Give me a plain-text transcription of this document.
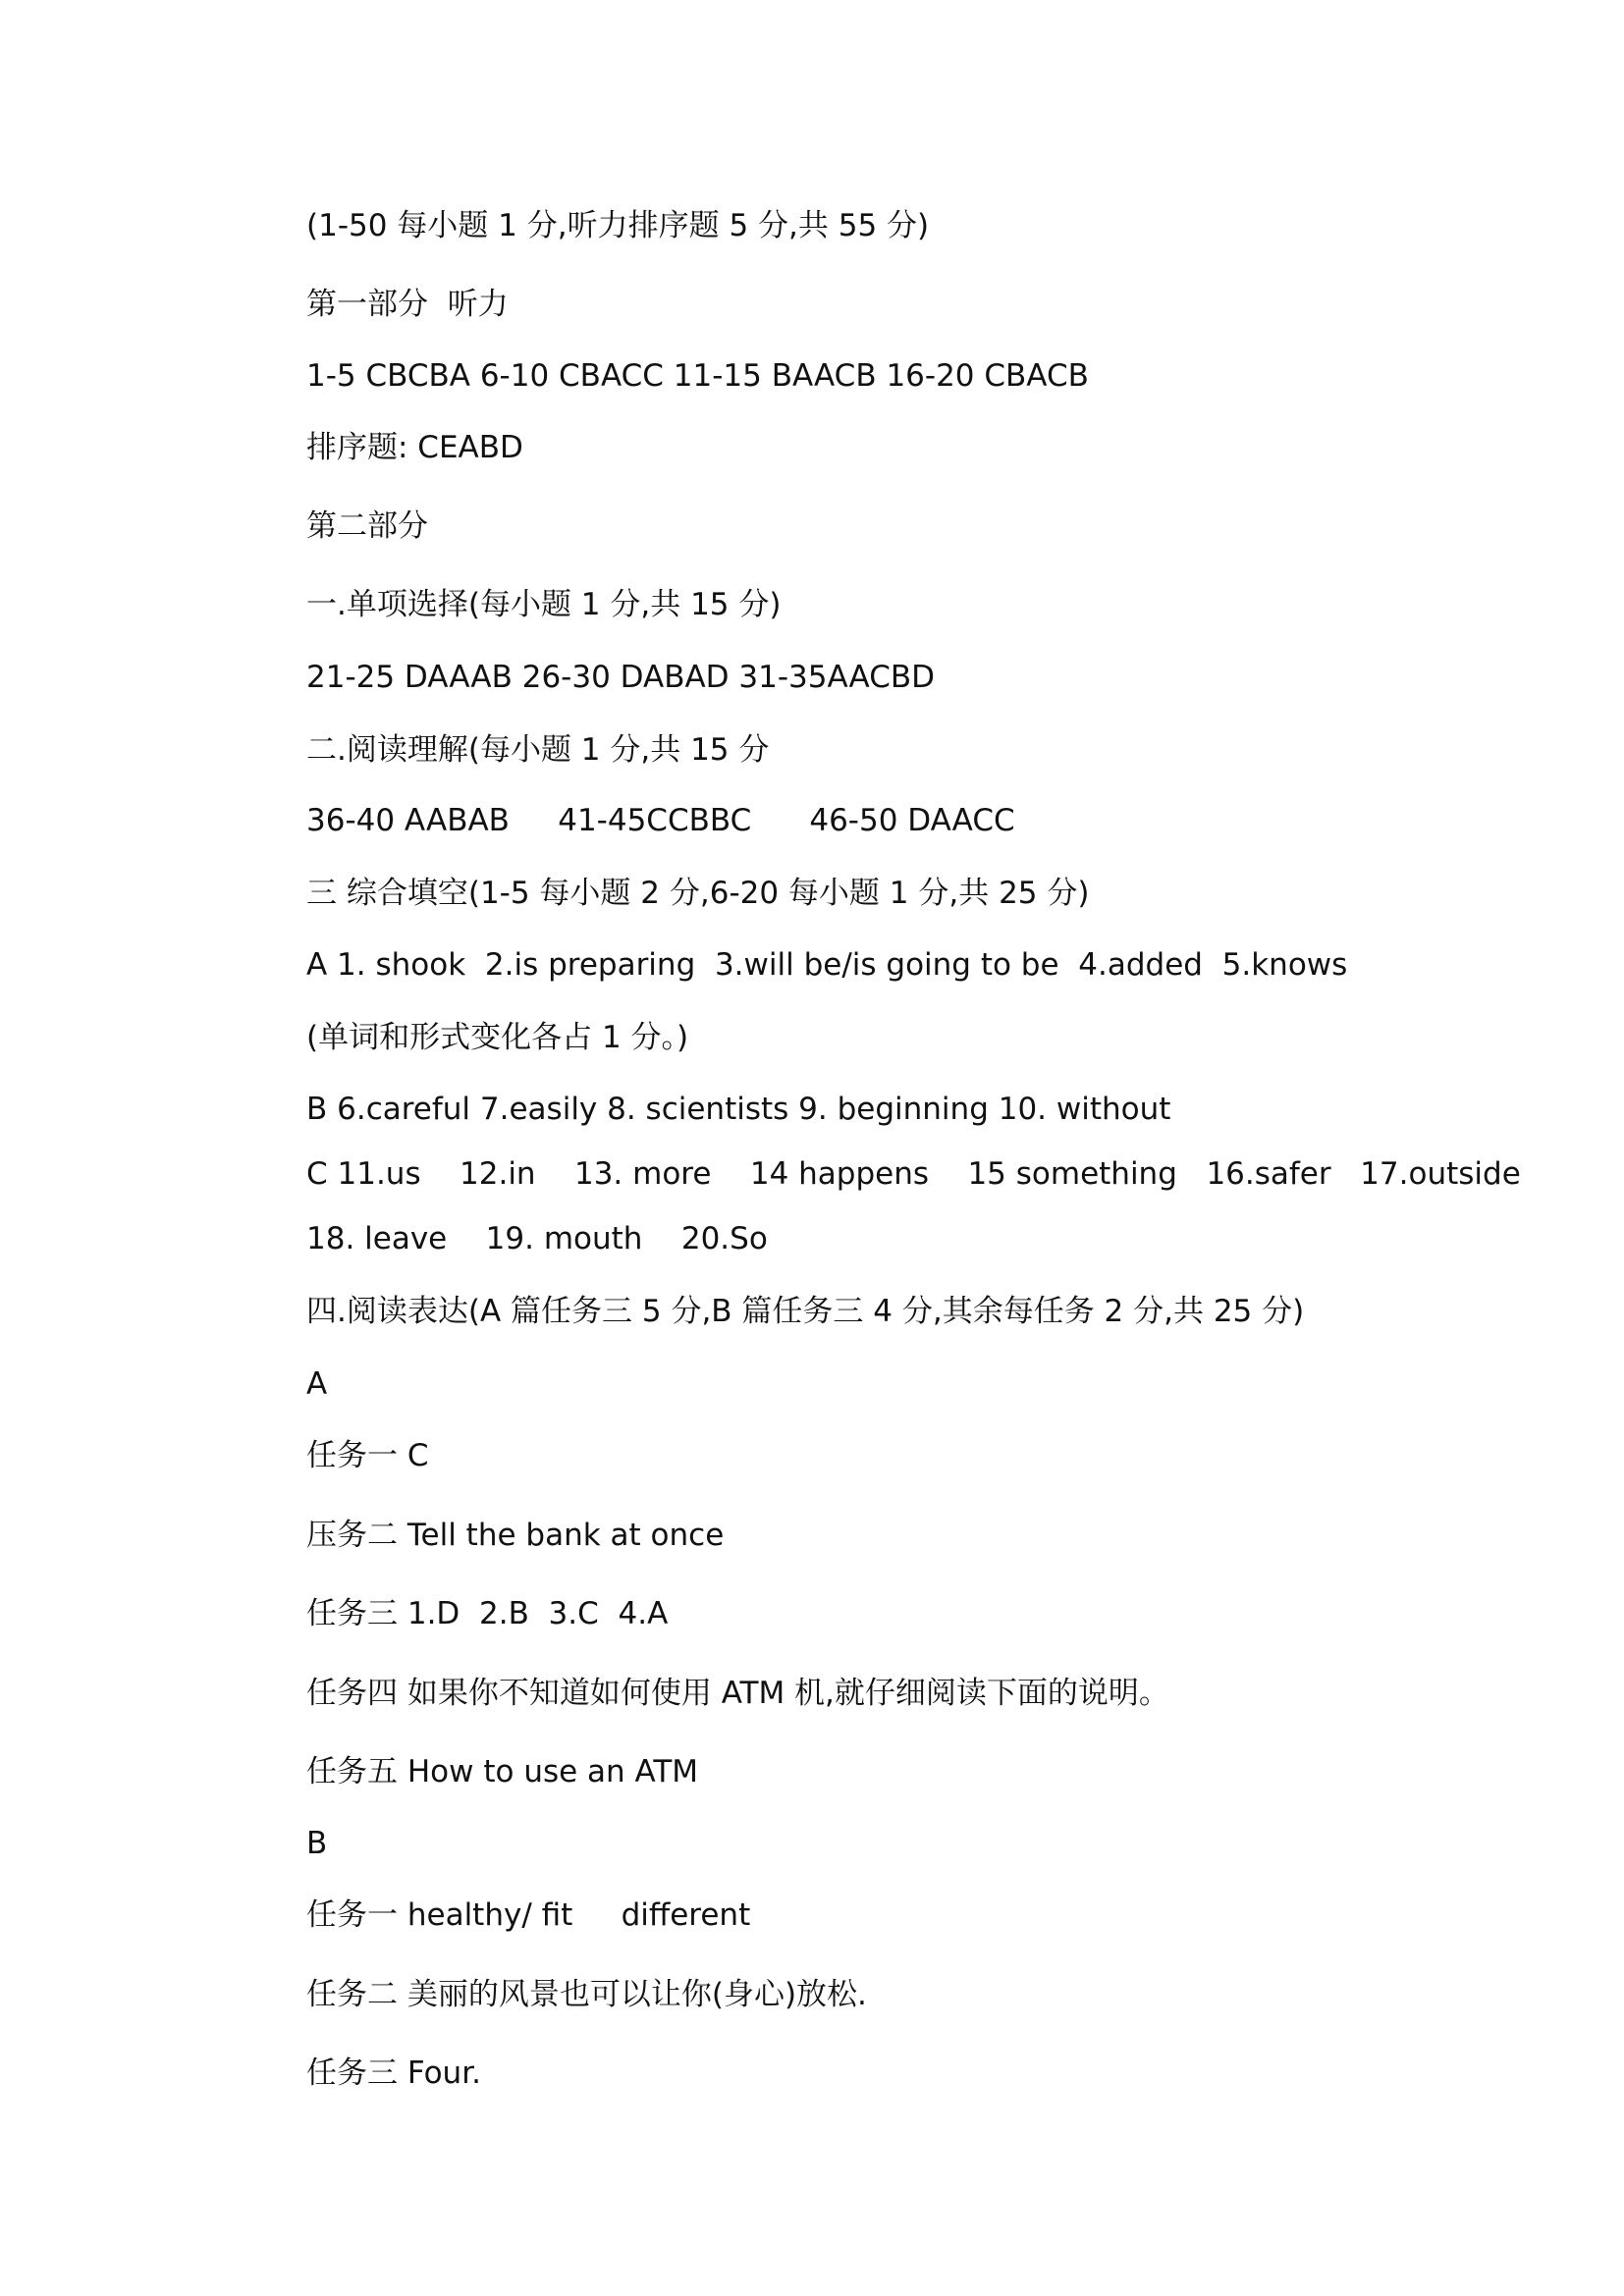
(1-50 每小题 1 分,听力排序题 5 分,共 55 分)
第一部分  听力
1-5 CBCBA 6-10 CBACC 11-15 BAACB 16-20 CBACB
排序题: CEABD
第二部分
一.单项选择(每小题 1 分,共 15 分)
21-25 DAAAB 26-30 DABAD 31-35AACBD
二.阅读理解(每小题 1 分,共 15 分
36-40 AABAB     41-45CCBBC      46-50 DAACC
三 综合填空(1-5 每小题 2 分,6-20 每小题 1 分,共 25 分)
A 1. shook  2.is preparing  3.will be/is going to be  4.added  5.knows
(单词和形式变化各占 1 分。)
B 6.careful 7.easily 8. scientists 9. beginning 10. without
C 11.us    12.in    13. more    14 happens    15 something   16.safer   17.outside
18. leave    19. mouth    20.So
四.阅读表达(A 篇任务三 5 分,B 篇任务三 4 分,其余每任务 2 分,共 25 分)
A
任务一 C
压务二 Tell the bank at once
任务三 1.D  2.B  3.C  4.A
任务四 如果你不知道如何使用 ATM 机,就仔细阅读下面的说明。
任务五 How to use an ATM
B
任务一 healthy/ fit     different
任务二 美丽的风景也可以让你(身心)放松.
任务三 Four.
